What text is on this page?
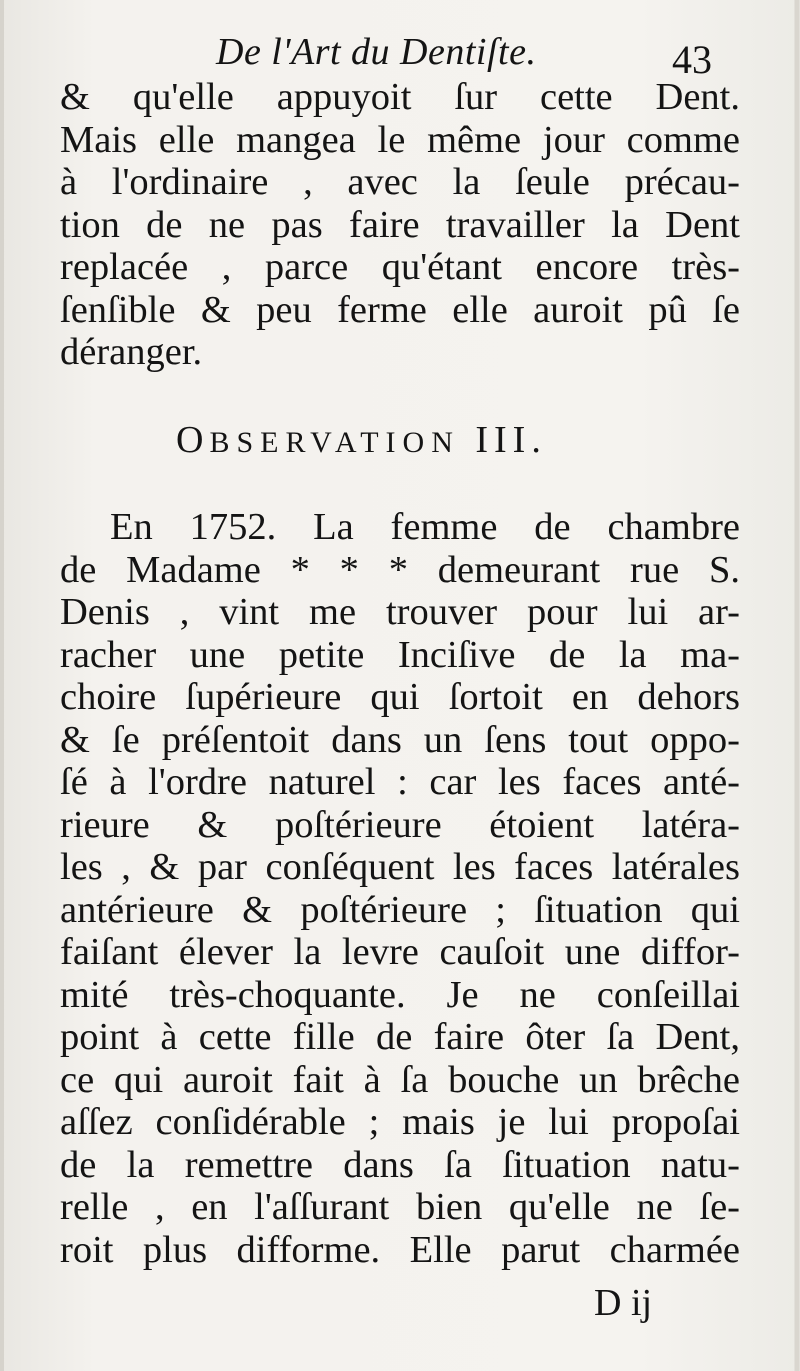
De l'Art du Dentiſte.	43
& qu'elle appuyoit ſur cette Dent.
Mais elle mangea le même jour comme
à l'ordinaire , avec la ſeule précau-
tion de ne pas faire travailler la Dent
replacée , parce qu'étant encore très-
ſenſible & peu ferme elle auroit pû ſe
déranger.
OBSERVATION III.
En 1752. La femme de chambre
de Madame * * * demeurant rue S.
Denis , vint me trouver pour lui ar-
racher une petite Inciſive de la ma-
choire ſupérieure qui ſortoit en dehors
& ſe préſentoit dans un ſens tout oppo-
ſé à l'ordre naturel : car les faces anté-
rieure & poſtérieure étoient latéra-
les , & par conſéquent les faces latérales
antérieure & poſtérieure ; ſituation qui
faiſant élever la levre cauſoit une diffor-
mité très-choquante. Je ne conſeillai
point à cette fille de faire ôter ſa Dent,
ce qui auroit fait à ſa bouche un brêche
aſſez conſidérable ; mais je lui propoſai
de la remettre dans ſa ſituation natu-
relle , en l'aſſurant bien qu'elle ne ſe-
roit plus difforme. Elle parut charmée
D ij
